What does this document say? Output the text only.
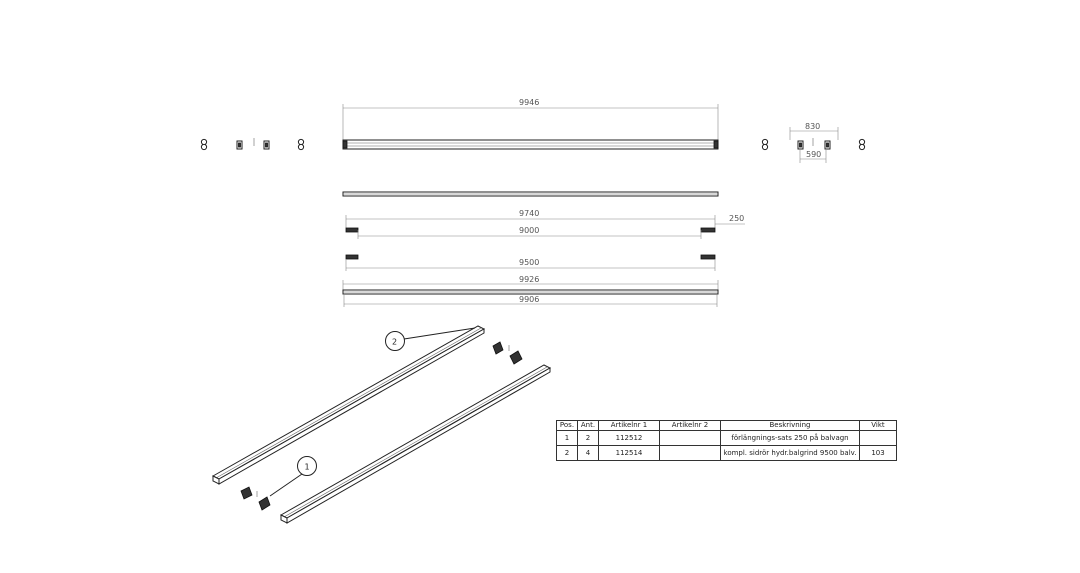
830
590
9946
9740
250
9000
9500
9926
9906
2
1
Pos.	Ant.	Artikelnr 1	Artikelnr 2	Beskrivning	Vikt
1	2	112512		förlängnings-sats 250 på balvagn	
2	4	112514		kompl. sidrör hydr.balgrind 9500 balv.	103
